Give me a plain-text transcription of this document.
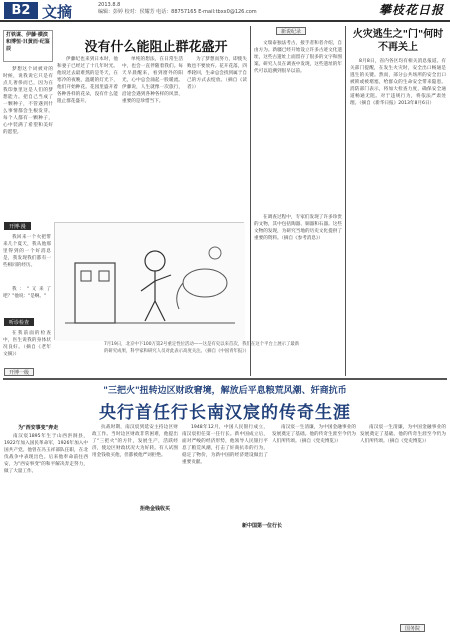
B2 文摘	2013.8.8
编辑：彭婷 校对：侯耀芳 电话：88757165 E-mail:tbxx0@126.com	攀枝花日报
打铁谋、伊藤·横滨和博恒·Ｈ黄而·纪鉴 辰	没有什么能阻止群花盛开

梦想这个词被对的时候，说我说它只是有点儿奢侈而已，因为在我印象里这是人们的梦想能力。把自己当成了一颗种子，不管遇到什么事情都会生根发芽。每个人都有一颗种子，心中装满了希望和美好的愿望。

伊藤纪也来到日本时，他和妻子已经过了十几年时光。他说过去最难熬的是冬天，在寒冷的夜晚，温暖的灯光下，他们开始种花。花园里盛开着各种各样的花朵，没有什么能阻止群花盛开。

单纯的想法，在日常生活中，也会一直伴随着我们。每天早晨醒来，看到窗外的阳光，心中总会涌起一股暖流。伊藤说，人生就像一次旅行，沿途会遇到各种各样的风景，重要的是珍惜当下。

为了梦想而努力，即使失败也不要放弃。花开花落，四季轮回，生命总会找到属于自己的方式去绽放。（摘自《读者》）

新说纪录

文瑞泰独法考古，接手者和者介绍，自由方为。新疆已经开始设立许多古迹文化遗址，这些古遗址上面留存了很多的文字和图案。研究人员在调查中发现，这些遗址的年代可以追溯到很早以前。

在调查过程中，专家们发现了许多珍贵的文物，其中包括陶器、铜器和石器。这些文物的发现，为研究当地的历史文化提供了重要的资料。（摘自《参考消息》）

火灾逃生之"门"何时不再关上

8月8日，省内各区均有相关消息报道。有关部门提醒，在发生火灾时，安全出口畅通是逃生的关键。然而，部分公共场所的安全出口被锁或被堵塞，给群众的生命安全带来隐患。消防部门表示，将加大检查力度，确保安全通道畅通无阻。对于违规行为，将依法严肃处理。（摘自《新华日报》2013年8月6日）

开博·漫

我回来一个火把带来几个夏天，我从他那里得到的一个好消息是，我发现我们都有一些相同的经历。

我："又来了吧？"他说："是啊。"

听诊检查

在我前面的检查中，医生说我的身体状况良好。（摘自《老年文摘》）

开博一级
7月19日，北京中下100万第2号重定性位活动——这是有史以来首次，我们在这个平台上展示了最新的研究成果，科学家和研究人员对此表示高度关注。（摘自《中国青年报》）
"三把火"扭转边区财政窘境，解放后平息粮荒风潮、奸商抗币
央行首任行长南汉宸的传奇生涯
为"西安事变"奔走

南汉宸1895年生于山西洪洞县，1922年加入国民革命军，1926年加入中国共产党。他曾在冯玉祥部队任职，在北伐战争中表现出色。后来他奉命前往西安，为"西安事变"的和平解决奔走努力，做了大量工作。

拒绝金钱收买

抗战时期，南汉宸到延安主持边区财政工作。当时边区财政非常困难，他提出了"三把火"的方针，发展生产，活跃经济，使边区财政状况大为好转。有人试图用金钱收买他，但都被他严词拒绝。

新中国第一位行长

1948年12月，中国人民银行成立，南汉宸担任第一任行长。新中国成立后，面对严峻的经济形势，他领导人民银行平息了粮荒风潮，打击了奸商抗币的行为，稳定了物价，为新中国的经济建设做出了重要贡献。

南汉宸一生清廉，为中国金融事业的发展奠定了基础。他的传奇生涯至今仍为人们所传颂。（摘自《党史博览》）

南汉宸一生清廉，为中国金融事业的发展奠定了基础。他的传奇生涯至今仍为人们所传颂。（摘自《党史博览》）

国务院
